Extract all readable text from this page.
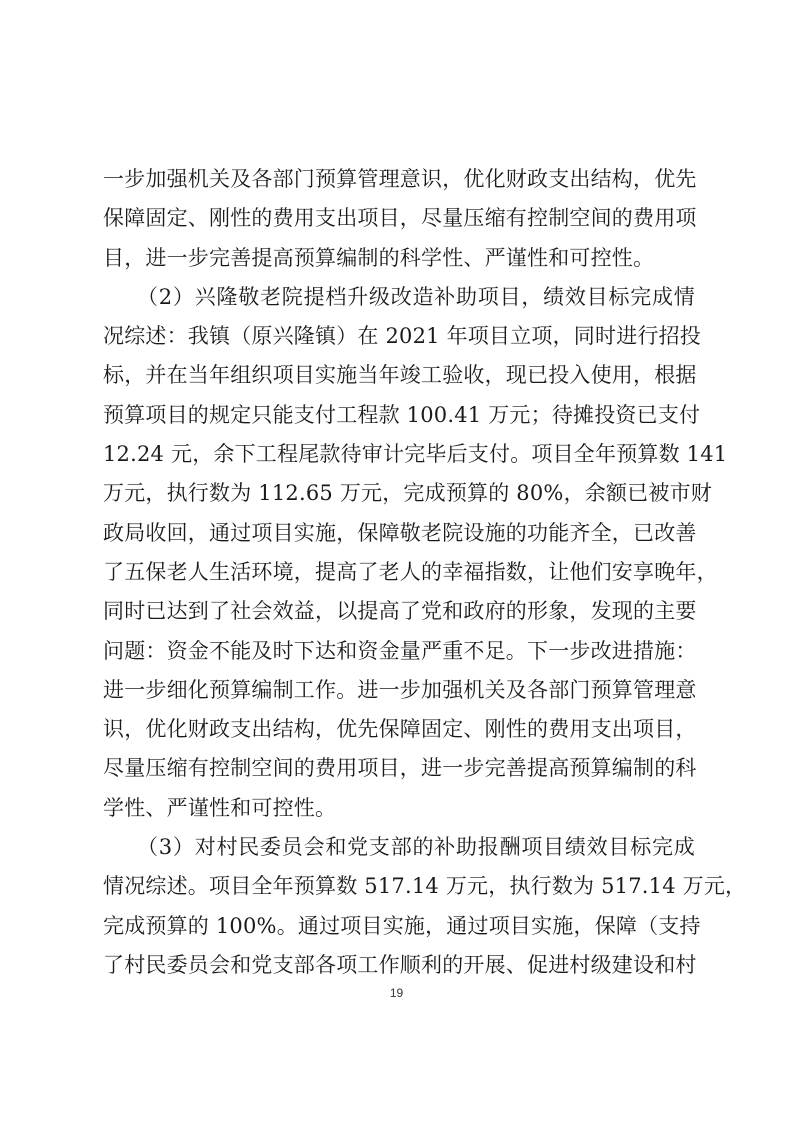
一步加强机关及各部门预算管理意识，优化财政支出结构，优先
保障固定、刚性的费用支出项目，尽量压缩有控制空间的费用项
目，进一步完善提高预算编制的科学性、严谨性和可控性。
（2）兴隆敬老院提档升级改造补助项目，绩效目标完成情
况综述：我镇（原兴隆镇）在 2021 年项目立项，同时进行招投
标，并在当年组织项目实施当年竣工验收，现已投入使用，根据
预算项目的规定只能支付工程款 100.41 万元；待摊投资已支付
12.24 元，余下工程尾款待审计完毕后支付。项目全年预算数 141
万元，执行数为 112.65 万元，完成预算的 80%，余额已被市财
政局收回，通过项目实施，保障敬老院设施的功能齐全，已改善
了五保老人生活环境，提高了老人的幸福指数，让他们安享晚年，
同时已达到了社会效益，以提高了党和政府的形象，发现的主要
问题：资金不能及时下达和资金量严重不足。下一步改进措施：
进一步细化预算编制工作。进一步加强机关及各部门预算管理意
识，优化财政支出结构，优先保障固定、刚性的费用支出项目，
尽量压缩有控制空间的费用项目，进一步完善提高预算编制的科
学性、严谨性和可控性。
（3）对村民委员会和党支部的补助报酬项目绩效目标完成
情况综述。项目全年预算数 517.14 万元，执行数为 517.14 万元，
完成预算的 100%。通过项目实施，通过项目实施，保障（支持
了村民委员会和党支部各项工作顺利的开展、促进村级建设和村
19
